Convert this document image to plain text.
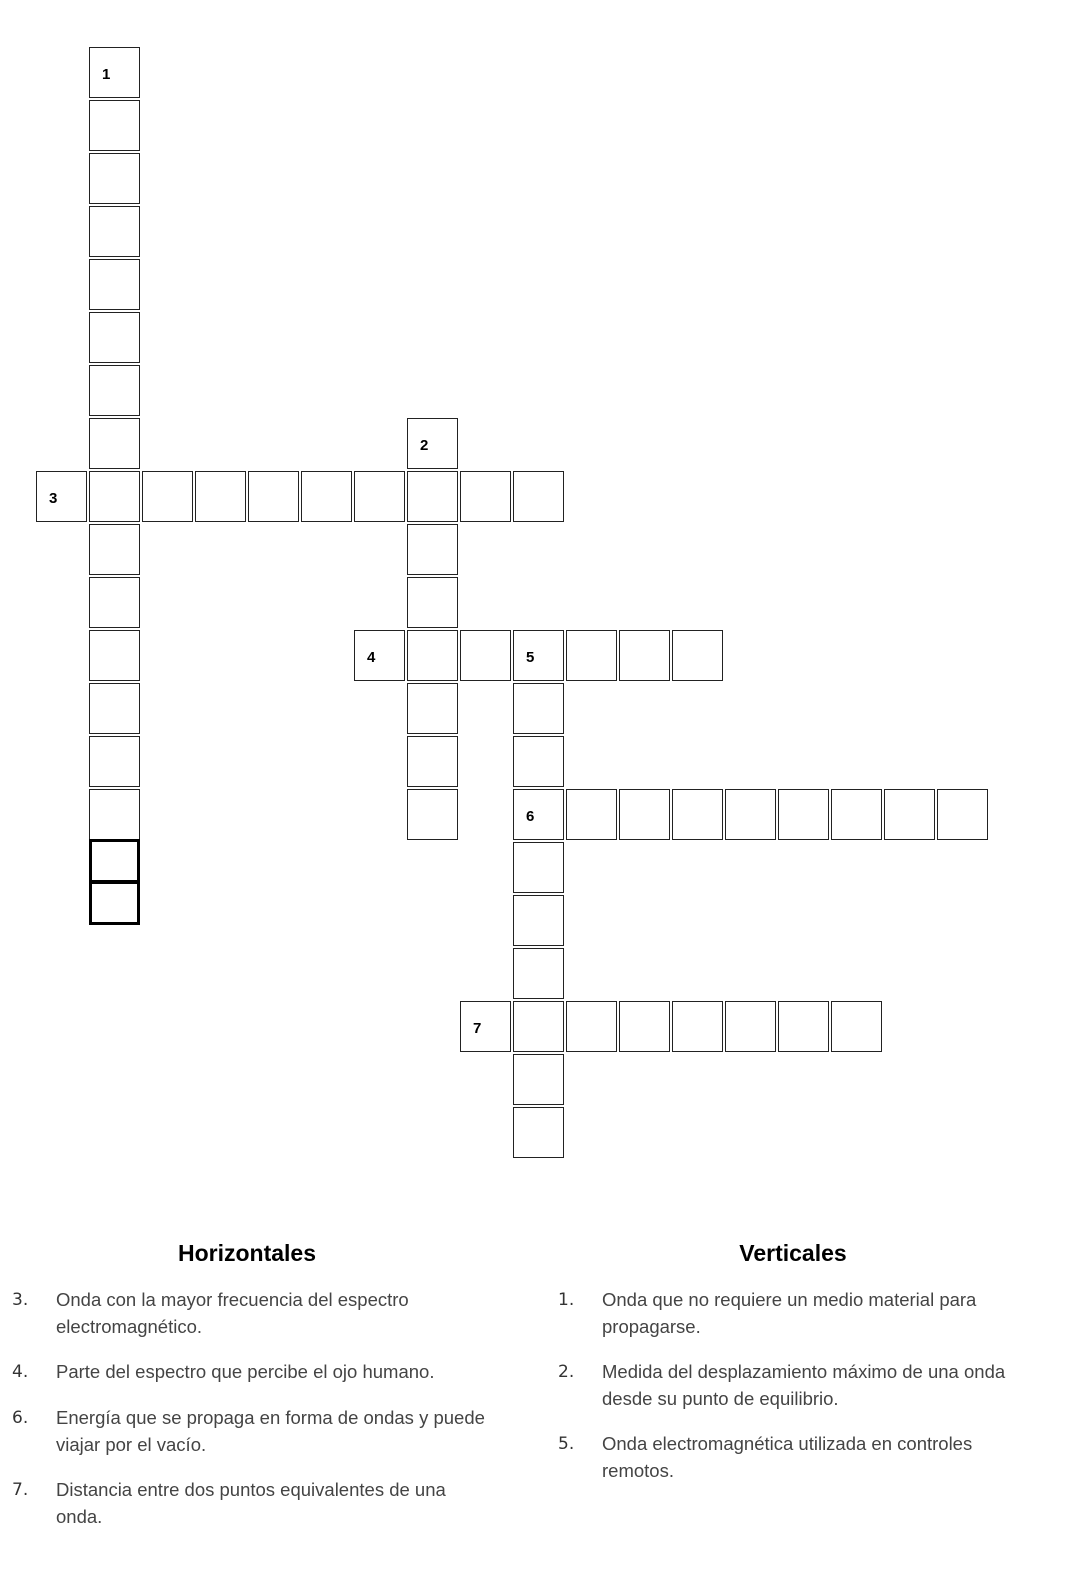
1
2
3
4	5
6
7
Horizontales
3.	Onda con la mayor frecuencia del espectro electromagnético.
4.	Parte del espectro que percibe el ojo humano.
6.	Energía que se propaga en forma de ondas y puede viajar por el vacío.
7.	Distancia entre dos puntos equivalentes de una onda.
Verticales
1.	Onda que no requiere un medio material para propagarse.
2.	Medida del desplazamiento máximo de una onda desde su punto de equilibrio.
5.	Onda electromagnética utilizada en controles remotos.
